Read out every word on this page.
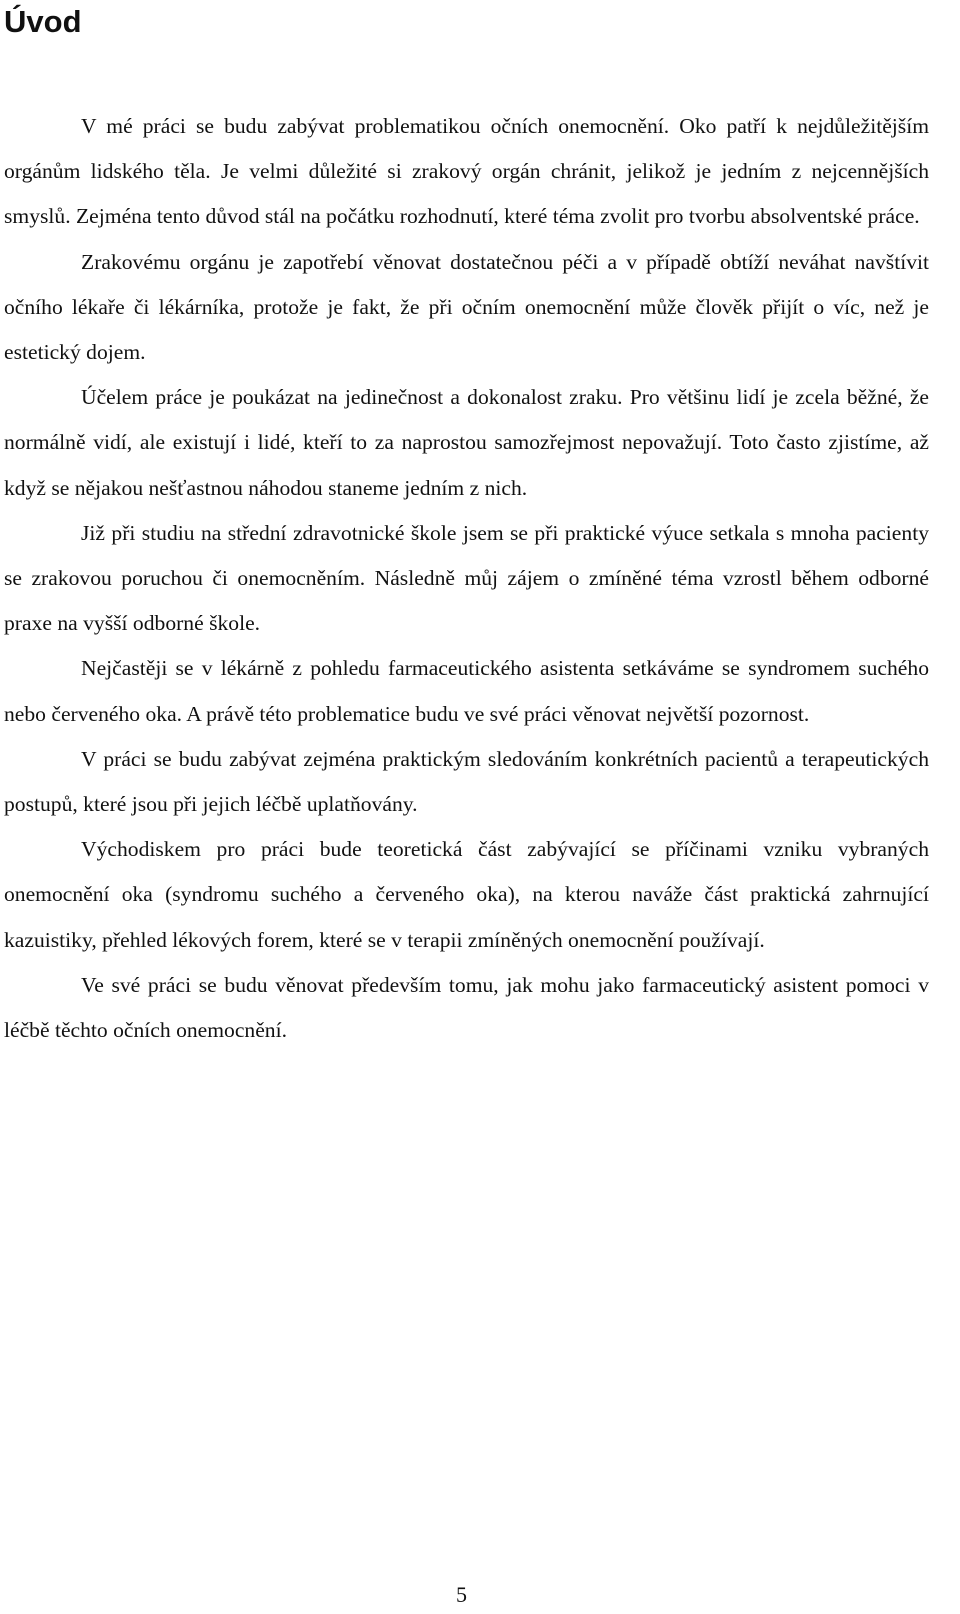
Úvod

V mé práci se budu zabývat problematikou očních onemocnění. Oko patří k nejdůležitějším orgánům lidského těla. Je velmi důležité si zrakový orgán chránit, jelikož je jedním z nejcennějších smyslů. Zejména tento důvod stál na počátku rozhodnutí, které téma zvolit pro tvorbu absolventské práce.

Zrakovému orgánu je zapotřebí věnovat dostatečnou péči a v případě obtíží neváhat navštívit očního lékaře či lékárníka, protože je fakt, že při očním onemocnění může člověk přijít o víc, než je estetický dojem.

Účelem práce je poukázat na jedinečnost a dokonalost zraku. Pro většinu lidí je zcela běžné, že normálně vidí, ale existují i lidé, kteří to za naprostou samozřejmost nepovažují. Toto často zjistíme, až když se nějakou nešťastnou náhodou staneme jedním z nich.

Již při studiu na střední zdravotnické škole jsem se při praktické výuce setkala s mnoha pacienty se zrakovou poruchou či onemocněním. Následně můj zájem o zmíněné téma vzrostl během odborné praxe na vyšší odborné škole.

Nejčastěji se v lékárně z pohledu farmaceutického asistenta setkáváme se syndromem suchého nebo červeného oka. A právě této problematice budu ve své práci věnovat největší pozornost.

V práci se budu zabývat zejména praktickým sledováním konkrétních pacientů a terapeutických postupů, které jsou při jejich léčbě uplatňovány.

Východiskem pro práci bude teoretická část zabývající se příčinami vzniku vybraných onemocnění oka (syndromu suchého a červeného oka), na kterou naváže část praktická zahrnující kazuistiky, přehled lékových forem, které se v terapii zmíněných onemocnění používají.

Ve své práci se budu věnovat především tomu, jak mohu jako farmaceutický asistent pomoci v léčbě těchto očních onemocnění.

5
